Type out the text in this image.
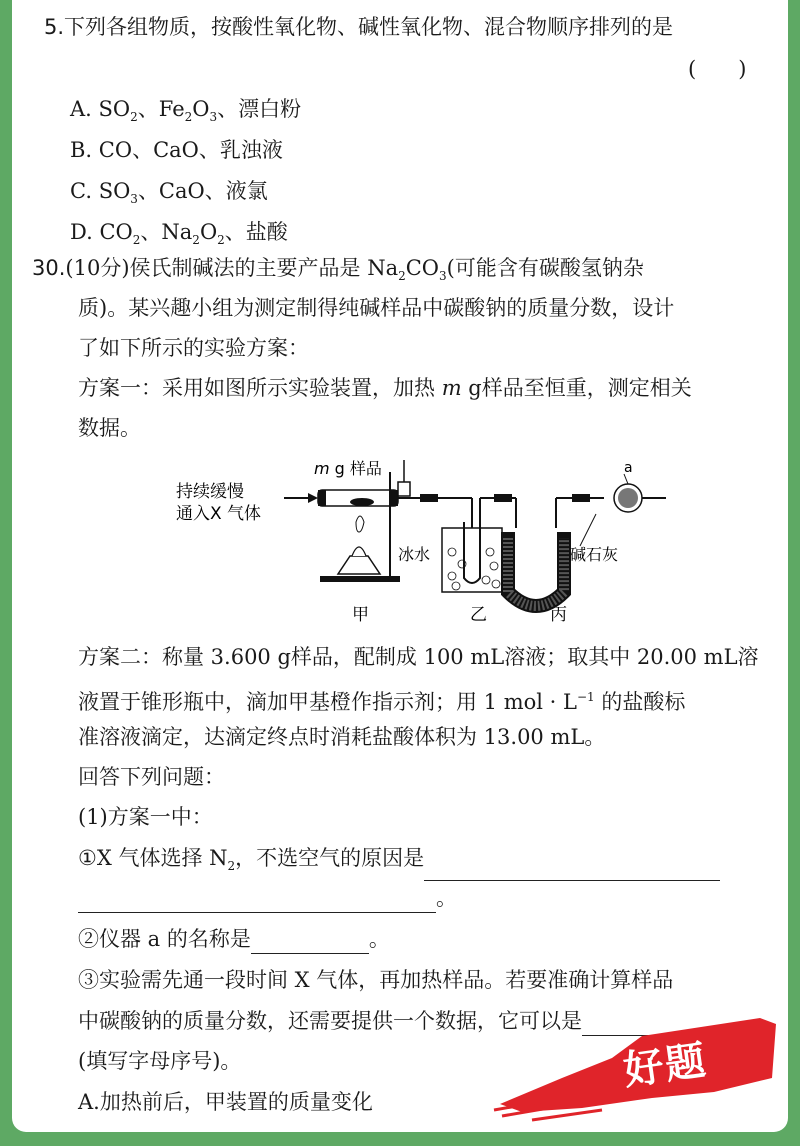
5.下列各组物质，按酸性氧化物、碱性氧化物、混合物顺序排列的是
(　　)
A. $SO_2$、$Fe_2O_3$、漂白粉
B. CO、CaO、乳浊液
C. $SO_3$、CaO、液氯
D. $CO_2$、$Na_2O_2$、盐酸
30.(10分)侯氏制碱法的主要产品是 $Na_2CO_3$(可能含有碳酸氢钠杂
质)。某兴趣小组为测定制得纯碱样品中碳酸钠的质量分数，设计
了如下所示的实验方案：
方案一：采用如图所示实验装置，加热 m g样品至恒重，测定相关
数据。
持续缓慢
通入X 气体
m g 样品
冰水	碱石灰
a
甲	乙	丙
方案二：称量 3.600 g样品，配制成 100 mL溶液；取其中 20.00 mL溶
液置于锥形瓶中，滴加甲基橙作指示剂；用 1 mol · $L^{-1}$ 的盐酸标
准溶液滴定，达滴定终点时消耗盐酸体积为 13.00 mL。
回答下列问题：
(1)方案一中：
①X 气体选择 $N_2$，不选空气的原因是
。
②仪器 a 的名称是	。
③实验需先通一段时间 X 气体，再加热样品。若要准确计算样品
中碳酸钠的质量分数，还需要提供一个数据，它可以是
(填写字母序号)。
A.加热前后，甲装置的质量变化
好题
